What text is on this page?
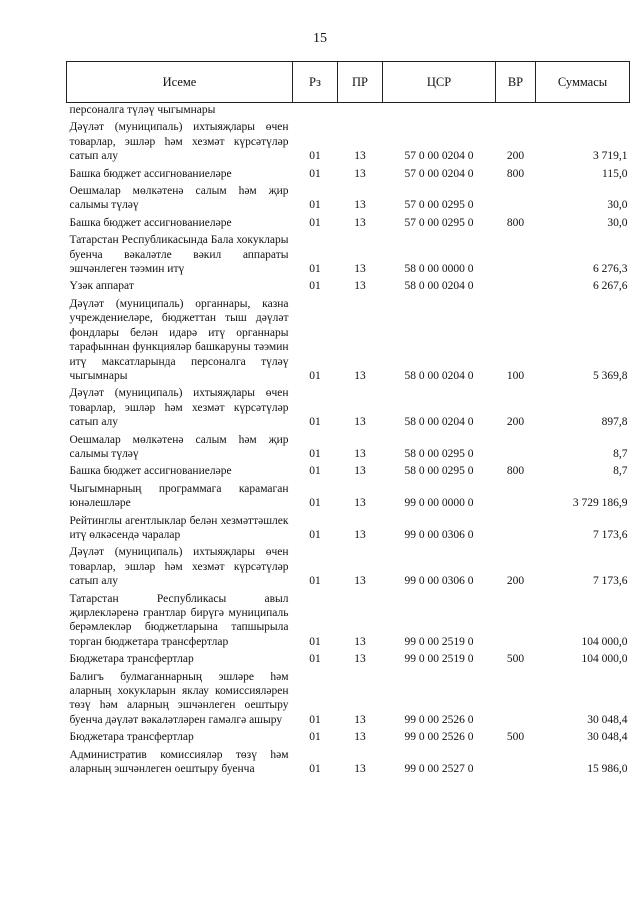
15
Исеме	Рз	ПР	ЦСР	ВР	Суммасы
персоналга түләү чыгымнары					
Дәүләт (муниципаль) ихтыяҗлары өчен товарлар, эшләр һәм хезмәт күрсәтүләр сатып алу	01	13	57 0 00 0204 0	200	3 719,1
Башка бюджет ассигнованиеләре	01	13	57 0 00 0204 0	800	115,0
Оешмалар мөлкәтенә салым һәм җир салымы түләү	01	13	57 0 00 0295 0		30,0
Башка бюджет ассигнованиеләре	01	13	57 0 00 0295 0	800	30,0
Татарстан Республикасында Бала хокуклары буенча вәкаләтле вәкил аппараты эшчәнлеген тәэмин итү	01	13	58 0 00 0000 0		6 276,3
Үзәк аппарат	01	13	58 0 00 0204 0		6 267,6
Дәүләт (муниципаль) органнары, казна учреждениеләре, бюджеттан тыш дәүләт фондлары белән идарә итү органнары тарафыннан функцияләр башкаруны тәэмин итү максатларында персоналга түләү чыгымнары	01	13	58 0 00 0204 0	100	5 369,8
Дәүләт (муниципаль) ихтыяҗлары өчен товарлар, эшләр һәм хезмәт күрсәтүләр сатып алу	01	13	58 0 00 0204 0	200	897,8
Оешмалар мөлкәтенә салым һәм җир салымы түләү	01	13	58 0 00 0295 0		8,7
Башка бюджет ассигнованиеләре	01	13	58 0 00 0295 0	800	8,7
Чыгымнарның программага карамаган юнәлешләре	01	13	99 0 00 0000 0		3 729 186,9
Рейтинглы агентлыклар белән хезмәттәшлек итү өлкәсендә чаралар	01	13	99 0 00 0306 0		7 173,6
Дәүләт (муниципаль) ихтыяҗлары өчен товарлар, эшләр һәм хезмәт күрсәтүләр сатып алу	01	13	99 0 00 0306 0	200	7 173,6
Татарстан Республикасы авыл җирлекләренә грантлар бирүгә муниципаль берәмлекләр бюджетларына тапшырыла торган бюджетара трансфертлар	01	13	99 0 00 2519 0		104 000,0
Бюджетара трансфертлар	01	13	99 0 00 2519 0	500	104 000,0
Балигъ булмаганнарның эшләре һәм аларның хокукларын яклау комиссияләрен төзү һәм аларның эшчәнлеген оештыру буенча дәүләт вәкаләтләрен гамәлгә ашыру	01	13	99 0 00 2526 0		30 048,4
Бюджетара трансфертлар	01	13	99 0 00 2526 0	500	30 048,4
Административ комиссияләр төзү һәм аларның эшчәнлеген оештыру буенча	01	13	99 0 00 2527 0		15 986,0
